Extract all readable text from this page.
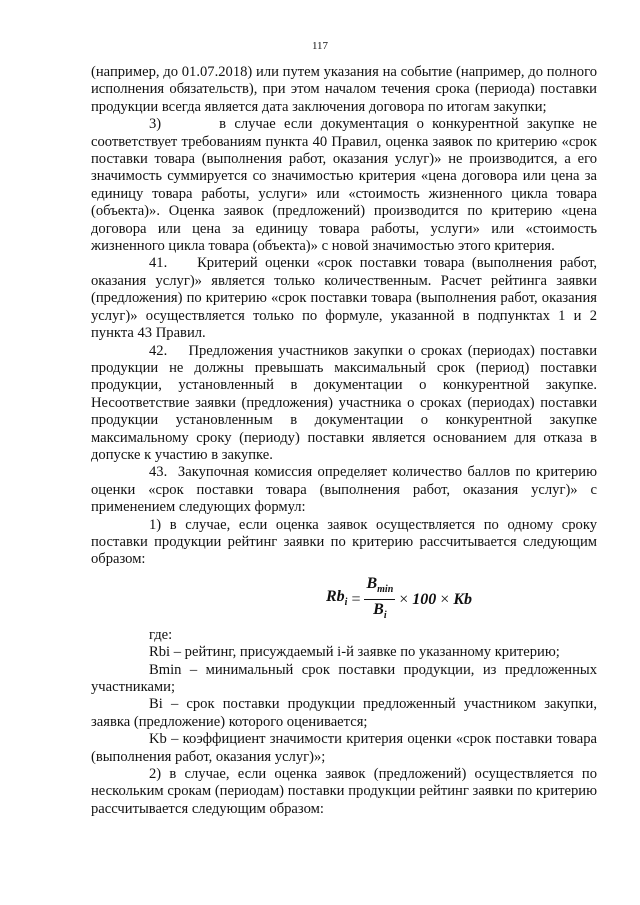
117

(например, до 01.07.2018) или путем указания на событие (например, до полного исполнения обязательств), при этом началом течения срока (периода) поставки продукции всегда является дата заключения договора по итогам закупки;

3)       в случае если документация о конкурентной закупке не соответствует требованиям пункта 40 Правил, оценка заявок по критерию «срок поставки товара (выполнения работ, оказания услуг)» не производится, а его значимость суммируется со значимостью критерия «цена договора или цена за единицу товара работы, услуги» или «стоимость жизненного цикла товара (объекта)». Оценка заявок (предложений) производится по критерию «цена договора или цена за единицу товара работы, услуги» или «стоимость жизненного цикла товара (объекта)» с новой значимостью этого критерия.

41.    Критерий оценки «срок поставки товара (выполнения работ, оказания услуг)» является только количественным. Расчет рейтинга заявки (предложения) по критерию «срок поставки товара (выполнения работ, оказания услуг)» осуществляется только по формуле, указанной в подпунктах 1 и 2 пункта 43 Правил.

42.    Предложения участников закупки о сроках (периодах) поставки продукции не должны превышать максимальный срок (период) поставки продукции, установленный в документации о конкурентной закупке. Несоответствие заявки (предложения) участника о сроках (периодах) поставки продукции установленным в документации о конкурентной закупке максимальному сроку (периоду) поставки является основанием для отказа в допуске к участию в закупке.

43.  Закупочная комиссия определяет количество баллов по критерию оценки «срок поставки товара (выполнения работ, оказания услуг)» с применением следующих формул:

1) в случае, если оценка заявок осуществляется по одному сроку поставки продукции рейтинг заявки по критерию рассчитывается следующим образом:

$Rb_i = \frac{B_{min}}{B_i} \times 100 \times Kb$

где:

Rbi – рейтинг, присуждаемый i-й заявке по указанному критерию;

Bmin – минимальный срок поставки продукции, из предложенных участниками;

Bi – срок поставки продукции предложенный участником закупки, заявка (предложение) которого оценивается;

Kb – коэффициент значимости критерия оценки «срок поставки товара (выполнения работ, оказания услуг)»;

2) в случае, если оценка заявок (предложений) осуществляется по нескольким срокам (периодам) поставки продукции рейтинг заявки по критерию рассчитывается следующим образом:
